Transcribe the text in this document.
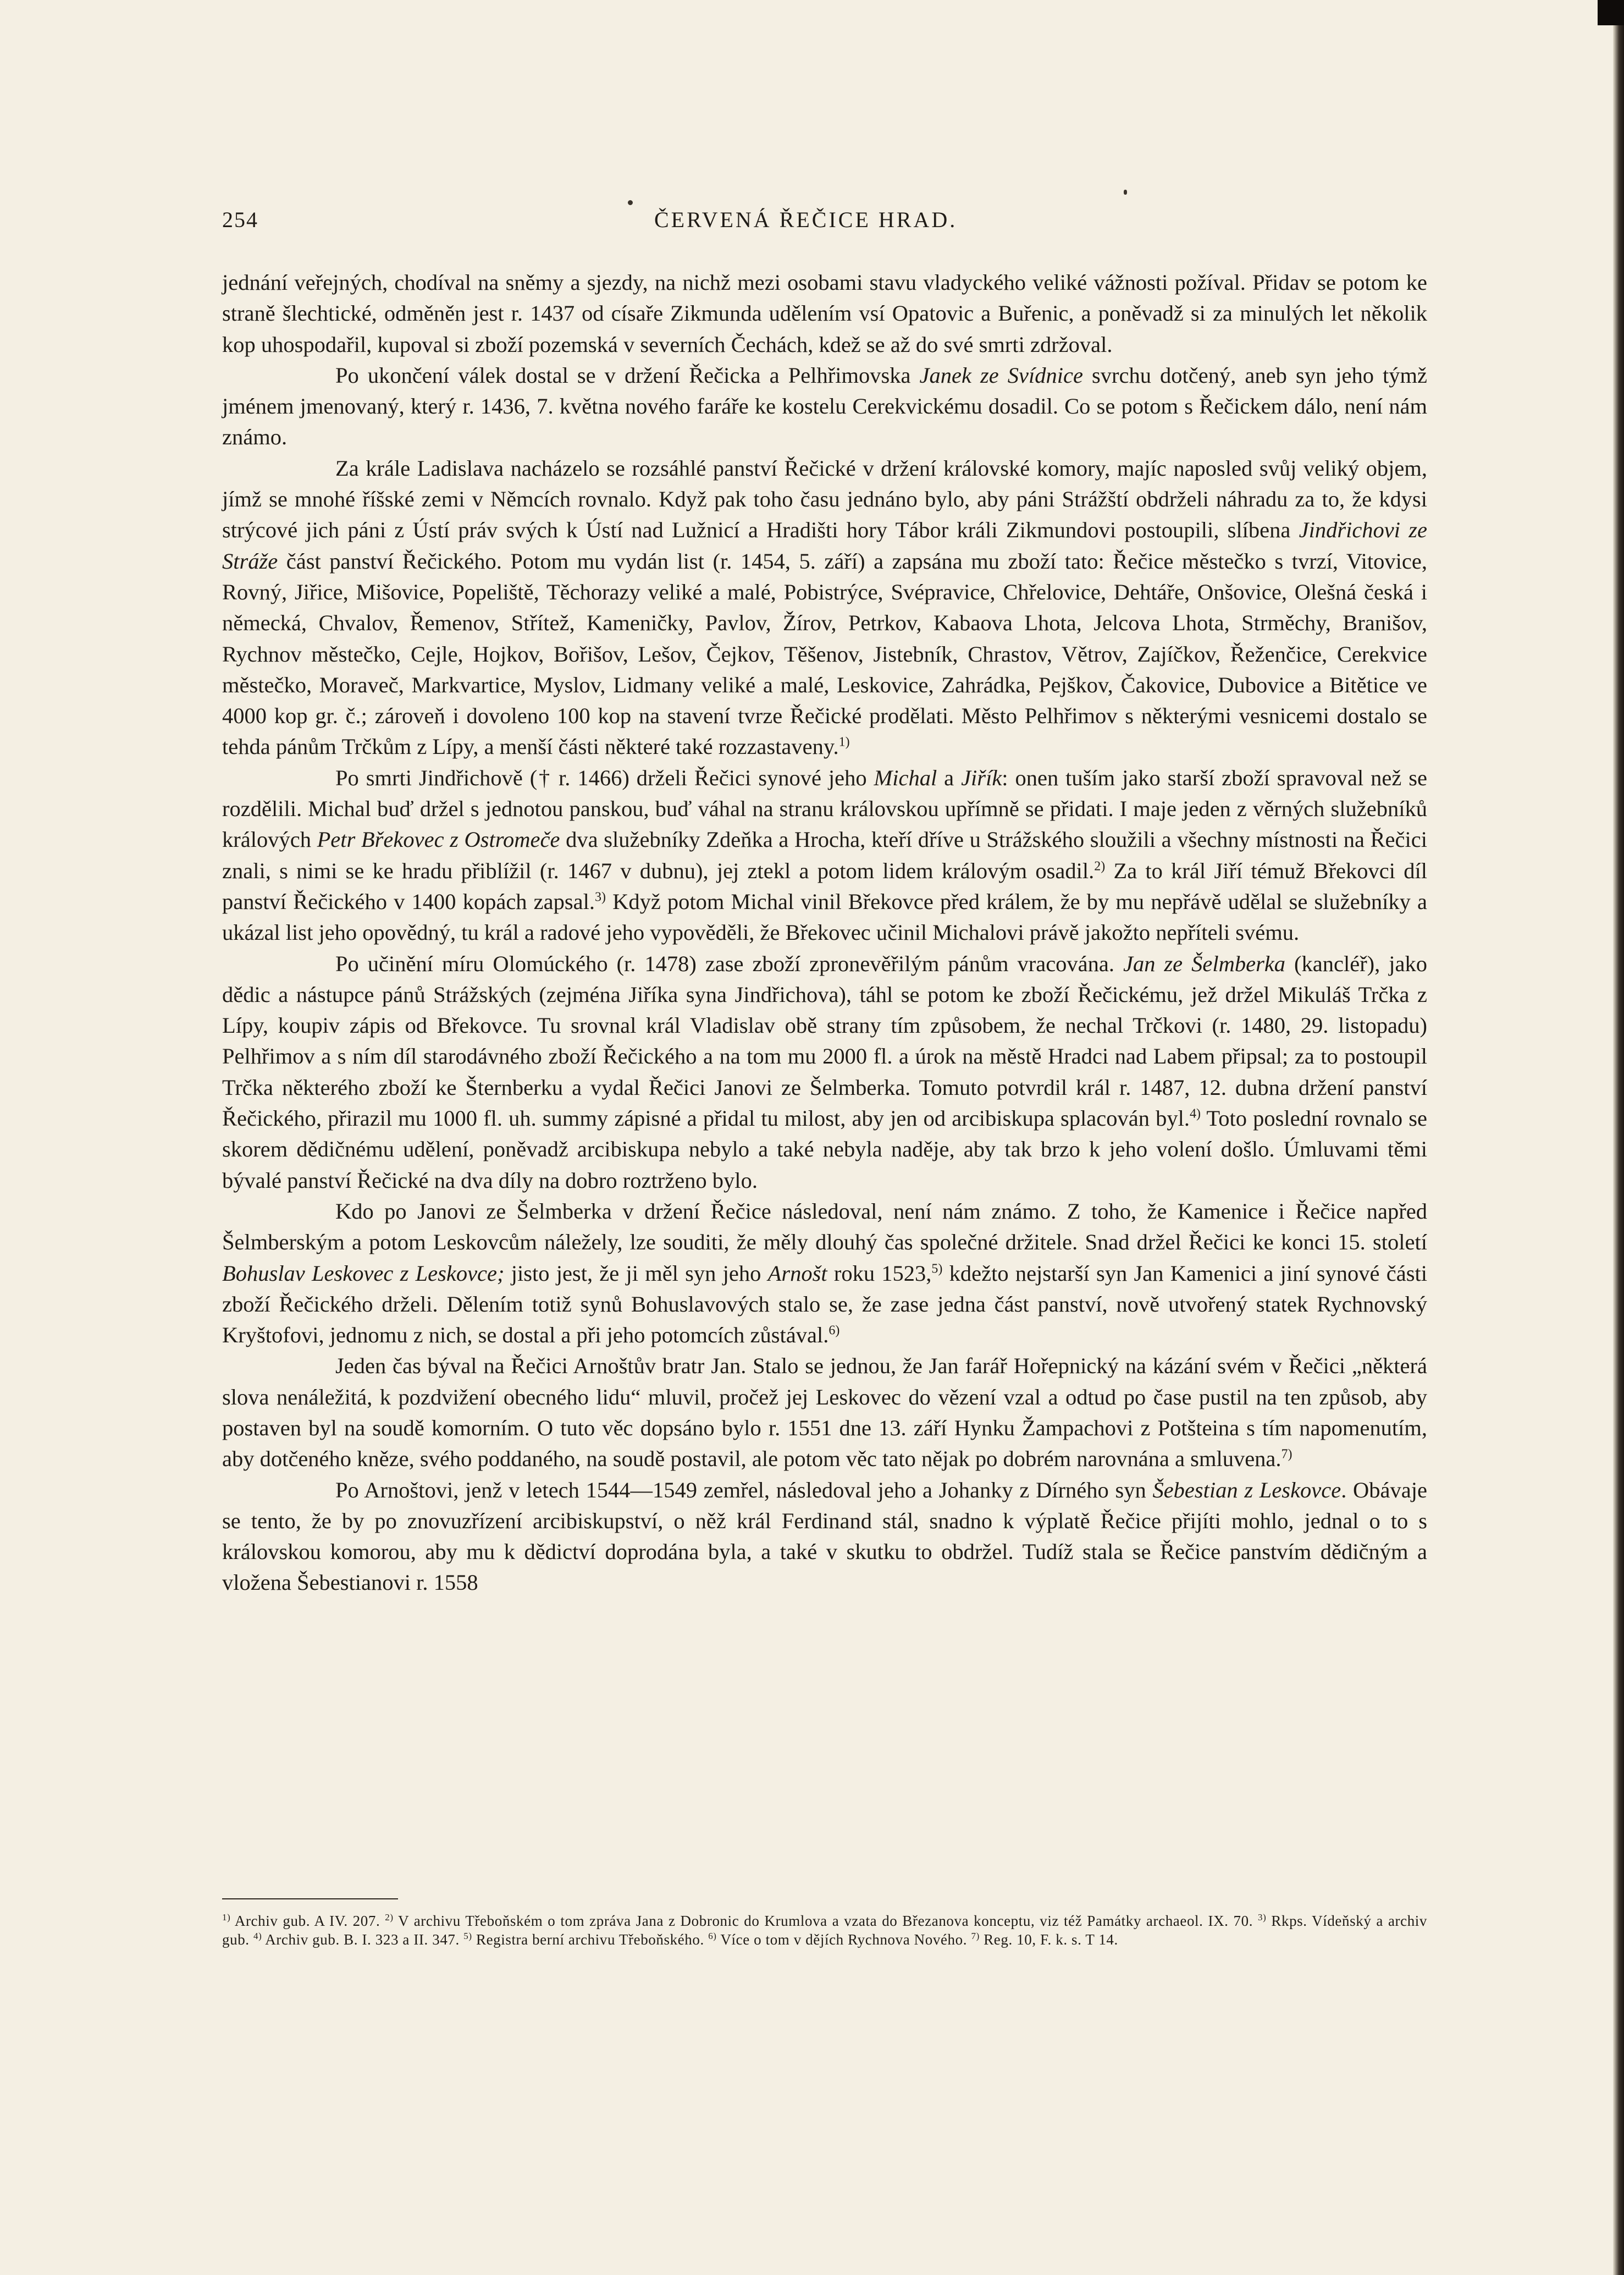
254	ČERVENÁ ŘEČICE HRAD.

jednání veřejných, chodíval na sněmy a sjezdy, na nichž mezi osobami stavu vladyckého veliké vážnosti požíval. Přidav se potom ke straně šlechtické, odměněn jest r. 1437 od císaře Zikmunda udělením vsí Opatovic a Buřenic, a poněvadž si za minulých let několik kop uhospodařil, kupoval si zboží pozemská v severních Čechách, kdež se až do své smrti zdržoval.

Po ukončení válek dostal se v držení Řečicka a Pelhřimovska Janek ze Svídnice svrchu dotčený, aneb syn jeho týmž jménem jmenovaný, který r. 1436, 7. května nového faráře ke kostelu Cerekvickému dosadil. Co se potom s Řečickem dálo, není nám známo.

Za krále Ladislava nacházelo se rozsáhlé panství Řečické v držení královské komory, majíc naposled svůj veliký objem, jímž se mnohé říšské zemi v Němcích rovnalo. Když pak toho času jednáno bylo, aby páni Strážští obdrželi náhradu za to, že kdysi strýcové jich páni z Ústí práv svých k Ústí nad Lužnicí a Hradišti hory Tábor králi Zikmundovi postoupili, slíbena Jindřichovi ze Stráže část panství Řečického. Potom mu vydán list (r. 1454, 5. září) a zapsána mu zboží tato: Řečice městečko s tvrzí, Vitovice, Rovný, Jiřice, Mišovice, Popeliště, Těchorazy veliké a malé, Pobistrýce, Svépravice, Chřelovice, Dehtáře, Onšovice, Olešná česká i německá, Chvalov, Řemenov, Střítež, Kameničky, Pavlov, Žírov, Petrkov, Kabaova Lhota, Jelcova Lhota, Strměchy, Branišov, Rychnov městečko, Cejle, Hojkov, Bořišov, Lešov, Čejkov, Těšenov, Jistebník, Chrastov, Větrov, Zajíčkov, Řeženčice, Cerekvice městečko, Moraveč, Markvartice, Myslov, Lidmany veliké a malé, Leskovice, Zahrádka, Pejškov, Čakovice, Dubovice a Bitětice ve 4000 kop gr. č.; zároveň i dovoleno 100 kop na stavení tvrze Řečické prodělati. Město Pelhřimov s některými vesnicemi dostalo se tehda pánům Trčkům z Lípy, a menší části některé také rozzastaveny.$^{1)}$

Po smrti Jindřichově († r. 1466) drželi Řečici synové jeho Michal a Jiřík: onen tuším jako starší zboží spravoval než se rozdělili. Michal buď držel s jednotou panskou, buď váhal na stranu královskou upřímně se přidati. I maje jeden z věrných služebníků králových Petr Břekovec z Ostromeče dva služebníky Zdeňka a Hrocha, kteří dříve u Strážského sloužili a všechny místnosti na Řečici znali, s nimi se ke hradu přiblížil (r. 1467 v dubnu), jej ztekl a potom lidem královým osadil.$^{2)}$ Za to král Jiří témuž Břekovci díl panství Řečického v 1400 kopách zapsal.$^{3)}$ Když potom Michal vinil Břekovce před králem, že by mu nepřávě udělal se služebníky a ukázal list jeho opovědný, tu král a radové jeho vypověděli, že Břekovec učinil Michalovi právě jakožto nepříteli svému.

Po učinění míru Olomúckého (r. 1478) zase zboží zpronevěřilým pánům vracována. Jan ze Šelmberka (kancléř), jako dědic a nástupce pánů Strážských (zejména Jiříka syna Jindřichova), táhl se potom ke zboží Řečickému, jež držel Mikuláš Trčka z Lípy, koupiv zápis od Břekovce. Tu srovnal král Vladislav obě strany tím způsobem, že nechal Trčkovi (r. 1480, 29. listopadu) Pelhřimov a s ním díl starodávného zboží Řečického a na tom mu 2000 fl. a úrok na městě Hradci nad Labem připsal; za to postoupil Trčka některého zboží ke Šternberku a vydal Řečici Janovi ze Šelmberka. Tomuto potvrdil král r. 1487, 12. dubna držení panství Řečického, přirazil mu 1000 fl. uh. summy zápisné a přidal tu milost, aby jen od arcibiskupa splacován byl.$^{4)}$ Toto poslední rovnalo se skorem dědičnému udělení, poněvadž arcibiskupa nebylo a také nebyla naděje, aby tak brzo k jeho volení došlo. Úmluvami těmi bývalé panství Řečické na dva díly na dobro roztrženo bylo.

Kdo po Janovi ze Šelmberka v držení Řečice následoval, není nám známo. Z toho, že Kamenice i Řečice napřed Šelmberským a potom Leskovcům náležely, lze souditi, že měly dlouhý čas společné držitele. Snad držel Řečici ke konci 15. století Bohuslav Leskovec z Leskovce; jisto jest, že ji měl syn jeho Arnošt roku 1523,$^{5)}$ kdežto nejstarší syn Jan Kamenici a jiní synové části zboží Řečického drželi. Dělením totiž synů Bohuslavových stalo se, že zase jedna část panství, nově utvořený statek Rychnovský Kryštofovi, jednomu z nich, se dostal a při jeho potomcích zůstával.$^{6)}$

Jeden čas býval na Řečici Arnoštův bratr Jan. Stalo se jednou, že Jan farář Hořepnický na kázání svém v Řečici „některá slova nenáležitá, k pozdvižení obecného lidu“ mluvil, pročež jej Leskovec do vězení vzal a odtud po čase pustil na ten způsob, aby postaven byl na soudě komorním. O tuto věc dopsáno bylo r. 1551 dne 13. září Hynku Žampachovi z Potšteina s tím napomenutím, aby dotčeného kněze, svého poddaného, na soudě postavil, ale potom věc tato nějak po dobrém narovnána a smluvena.$^{7)}$

Po Arnoštovi, jenž v letech 1544—1549 zemřel, následoval jeho a Johanky z Dírného syn Šebestian z Leskovce. Obávaje se tento, že by po znovuzřízení arcibiskupství, o něž král Ferdinand stál, snadno k výplatě Řečice přijíti mohlo, jednal o to s královskou komorou, aby mu k dědictví doprodána byla, a také v skutku to obdržel. Tudíž stala se Řečice panstvím dědičným a vložena Šebestianovi r. 1558

$^{1)}$ Archiv gub. A IV. 207. $^{2)}$ V archivu Třeboňském o tom zpráva Jana z Dobronic do Krumlova a vzata do Březanova konceptu, viz též Památky archaeol. IX. 70. $^{3)}$ Rkps. Vídeňský a archiv gub. $^{4)}$ Archiv gub. B. I. 323 a II. 347. $^{5)}$ Registra berní archivu Třeboňského. $^{6)}$ Více o tom v dějích Rychnova Nového. $^{7)}$ Reg. 10, F. k. s. T 14.
